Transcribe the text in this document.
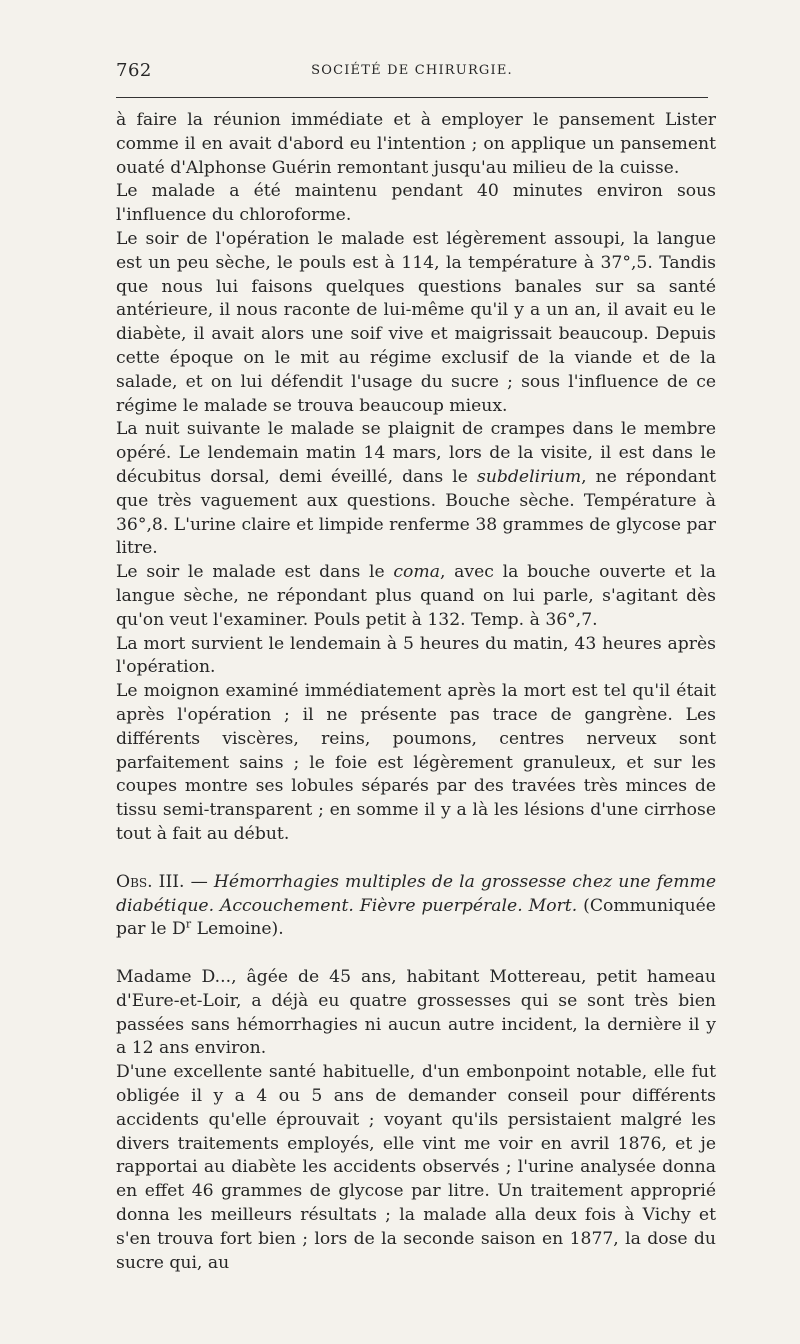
762	SOCIÉTÉ DE CHIRURGIE.

à faire la réunion immédiate et à employer le pansement Lister comme il en avait d'abord eu l'intention ; on applique un pansement ouaté d'Alphonse Guérin remontant jusqu'au milieu de la cuisse.

Le malade a été maintenu pendant 40 minutes environ sous l'influence du chloroforme.

Le soir de l'opération le malade est légèrement assoupi, la langue est un peu sèche, le pouls est à 114, la température à 37°,5. Tandis que nous lui faisons quelques questions banales sur sa santé antérieure, il nous raconte de lui-même qu'il y a un an, il avait eu le diabète, il avait alors une soif vive et maigrissait beaucoup. Depuis cette époque on le mit au régime exclusif de la viande et de la salade, et on lui défendit l'usage du sucre ; sous l'influence de ce régime le malade se trouva beaucoup mieux.

La nuit suivante le malade se plaignit de crampes dans le membre opéré. Le lendemain matin 14 mars, lors de la visite, il est dans le décubitus dorsal, demi éveillé, dans le subdelirium, ne répondant que très vaguement aux questions. Bouche sèche. Température à 36°,8. L'urine claire et limpide renferme 38 grammes de glycose par litre.

Le soir le malade est dans le coma, avec la bouche ouverte et la langue sèche, ne répondant plus quand on lui parle, s'agitant dès qu'on veut l'examiner. Pouls petit à 132. Temp. à 36°,7.

La mort survient le lendemain à 5 heures du matin, 43 heures après l'opération.

Le moignon examiné immédiatement après la mort est tel qu'il était après l'opération ; il ne présente pas trace de gangrène. Les différents viscères, reins, poumons, centres nerveux sont parfaitement sains ; le foie est légèrement granuleux, et sur les coupes montre ses lobules séparés par des travées très minces de tissu semi-transparent ; en somme il y a là les lésions d'une cirrhose tout à fait au début.

Obs. III. — Hémorrhagies multiples de la grossesse chez une femme diabétique. Accouchement. Fièvre puerpérale. Mort. (Communiquée par le $D^r$ Lemoine).

Madame D..., âgée de 45 ans, habitant Mottereau, petit hameau d'Eure-et-Loir, a déjà eu quatre grossesses qui se sont très bien passées sans hémorrhagies ni aucun autre incident, la dernière il y a 12 ans environ.

D'une excellente santé habituelle, d'un embonpoint notable, elle fut obligée il y a 4 ou 5 ans de demander conseil pour différents accidents qu'elle éprouvait ; voyant qu'ils persistaient malgré les divers traitements employés, elle vint me voir en avril 1876, et je rapportai au diabète les accidents observés ; l'urine analysée donna en effet 46 grammes de glycose par litre. Un traitement approprié donna les meilleurs résultats ; la malade alla deux fois à Vichy et s'en trouva fort bien ; lors de la seconde saison en 1877, la dose du sucre qui, au
